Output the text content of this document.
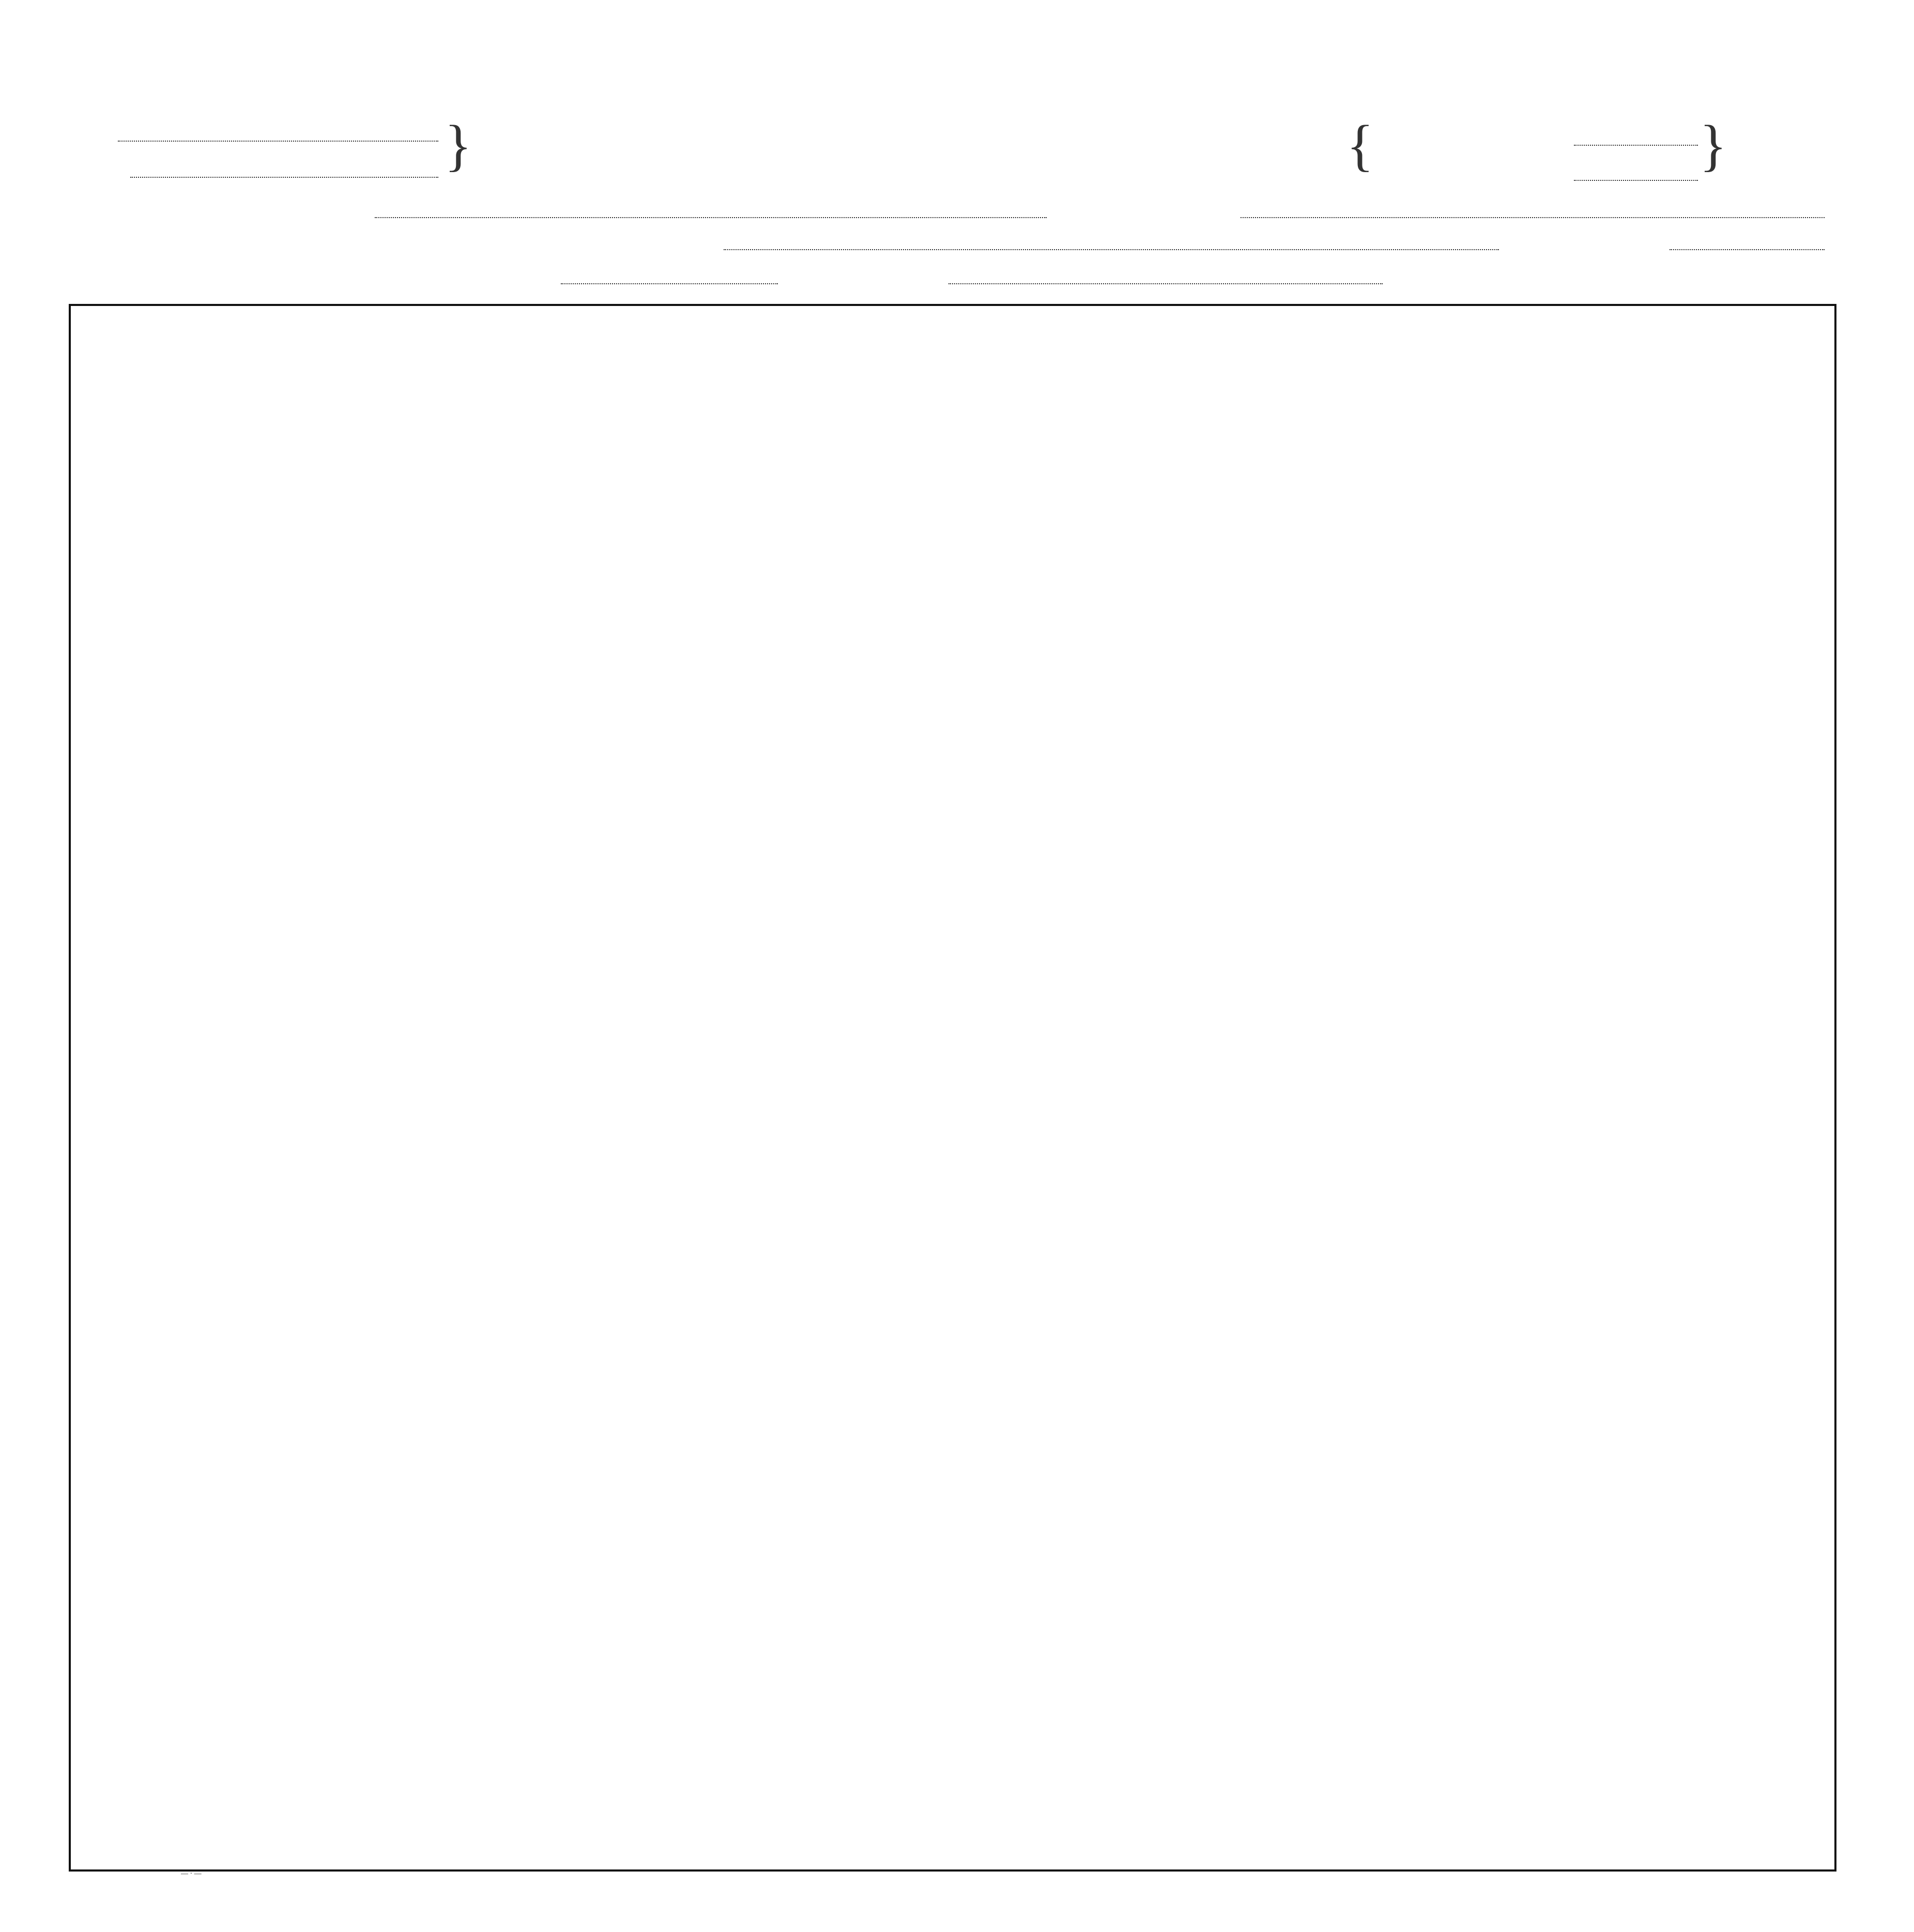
}	{	}
— · —
